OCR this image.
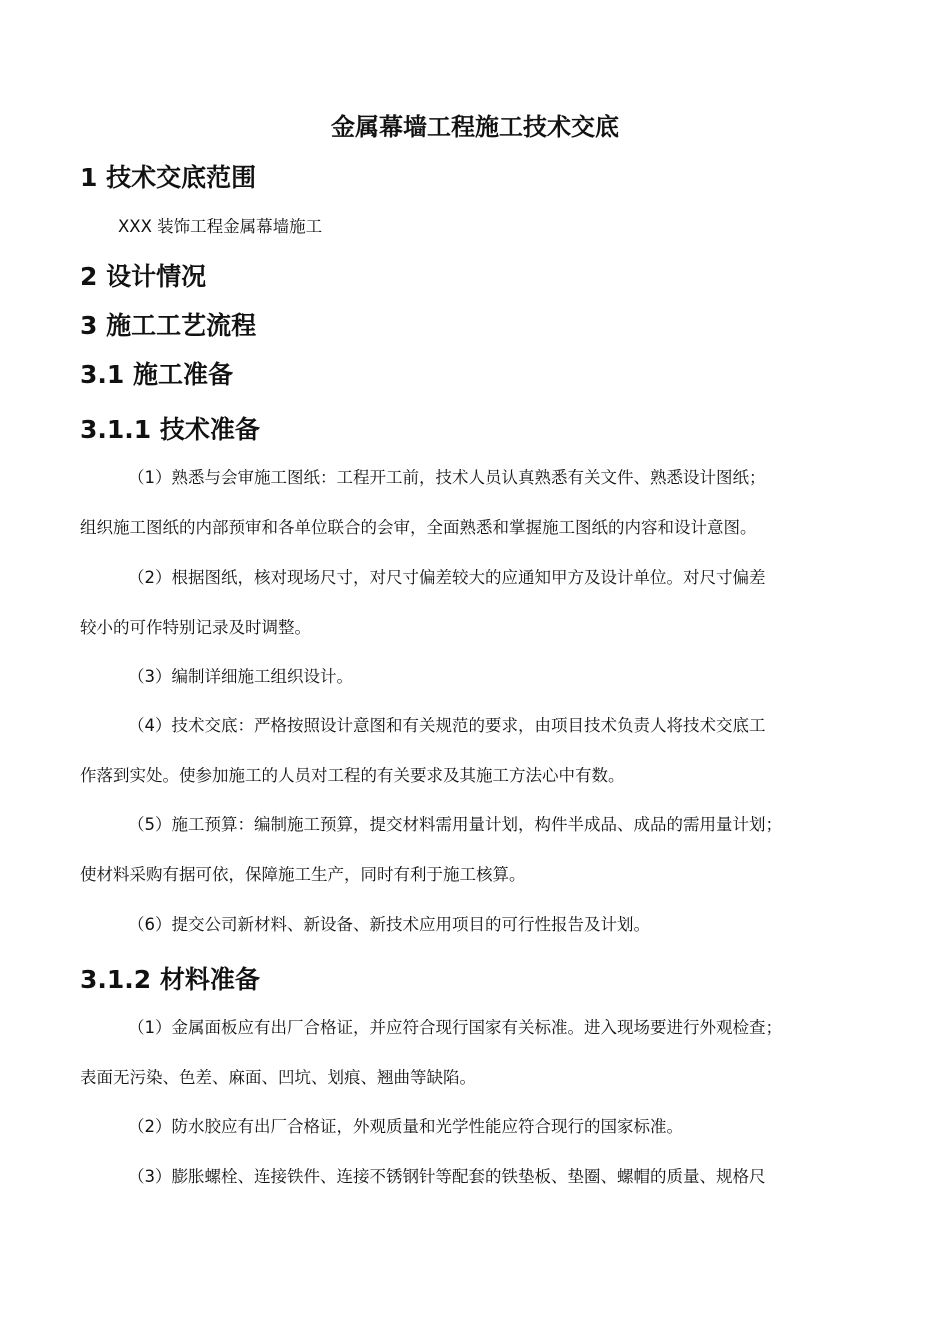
金属幕墙工程施工技术交底
1 技术交底范围

XXX 装饰工程金属幕墙施工

2 设计情况
3 施工工艺流程
3.1 施工准备
3.1.1 技术准备
（1）熟悉与会审施工图纸：工程开工前，技术人员认真熟悉有关文件、熟悉设计图纸；
组织施工图纸的内部预审和各单位联合的会审，全面熟悉和掌握施工图纸的内容和设计意图。
（2）根据图纸，核对现场尺寸，对尺寸偏差较大的应通知甲方及设计单位。对尺寸偏差
较小的可作特别记录及时调整。
（3）编制详细施工组织设计。
（4）技术交底：严格按照设计意图和有关规范的要求，由项目技术负责人将技术交底工
作落到实处。使参加施工的人员对工程的有关要求及其施工方法心中有数。
（5）施工预算：编制施工预算，提交材料需用量计划，构件半成品、成品的需用量计划；
使材料采购有据可依，保障施工生产，同时有利于施工核算。
（6）提交公司新材料、新设备、新技术应用项目的可行性报告及计划。
3.1.2 材料准备
（1）金属面板应有出厂合格证，并应符合现行国家有关标准。进入现场要进行外观检查；
表面无污染、色差、麻面、凹坑、划痕、翘曲等缺陷。
（2）防水胶应有出厂合格证，外观质量和光学性能应符合现行的国家标准。
（3）膨胀螺栓、连接铁件、连接不锈钢针等配套的铁垫板、垫圈、螺帽的质量、规格尺
